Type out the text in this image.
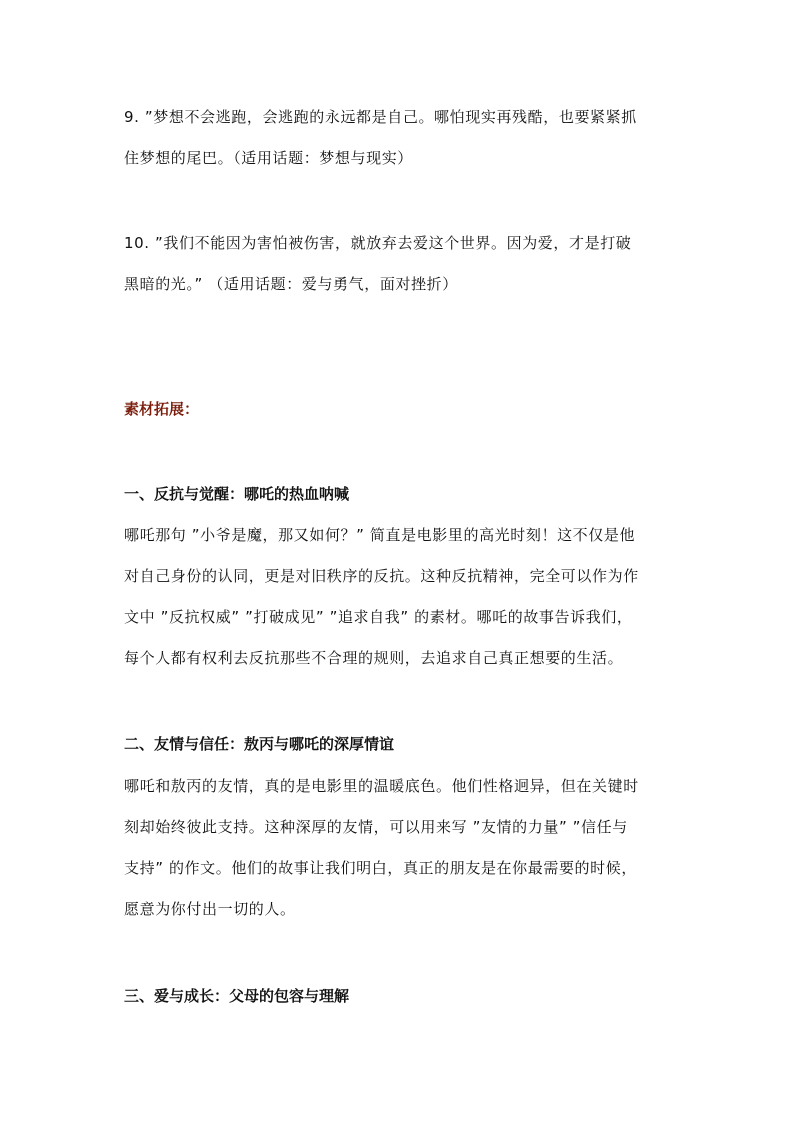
9. ”梦想不会逃跑，会逃跑的永远都是自己。哪怕现实再残酷，也要紧紧抓
住梦想的尾巴。（适用话题：梦想与现实）

10. ”我们不能因为害怕被伤害，就放弃去爱这个世界。因为爱，才是打破
黑暗的光。” （适用话题：爱与勇气，面对挫折）

素材拓展：
一、反抗与觉醒：哪吒的热血呐喊

哪吒那句 ”小爷是魔，那又如何？” 简直是电影里的高光时刻！这不仅是他
对自己身份的认同，更是对旧秩序的反抗。这种反抗精神，完全可以作为作
文中 ”反抗权威” ”打破成见” ”追求自我” 的素材。哪吒的故事告诉我们，
每个人都有权利去反抗那些不合理的规则，去追求自己真正想要的生活。

二、友情与信任：敖丙与哪吒的深厚情谊

哪吒和敖丙的友情，真的是电影里的温暖底色。他们性格迥异，但在关键时
刻却始终彼此支持。这种深厚的友情，可以用来写 ”友情的力量” ”信任与
支持” 的作文。他们的故事让我们明白，真正的朋友是在你最需要的时候，
愿意为你付出一切的人。

三、爱与成长：父母的包容与理解
